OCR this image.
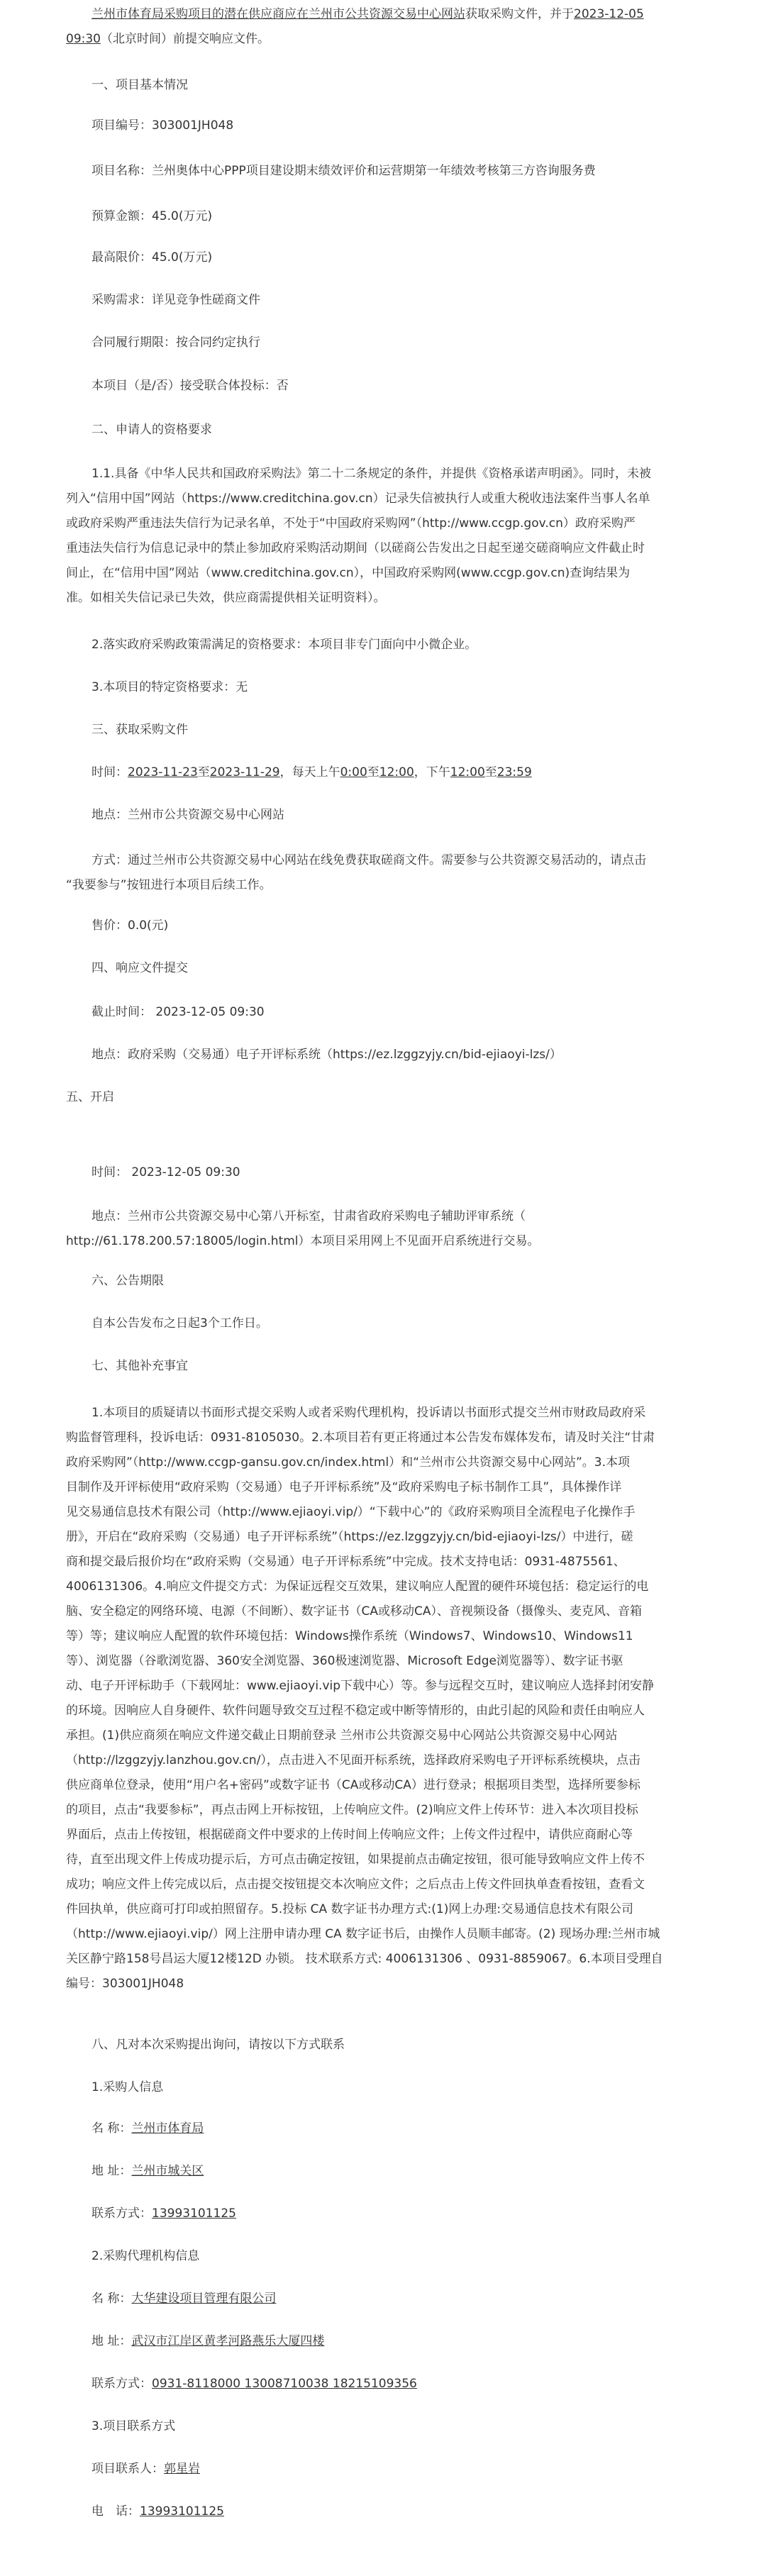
兰州市体育局采购项目的潜在供应商应在兰州市公共资源交易中心网站获取采购文件，并于2023-12-05

09:30（北京时间）前提交响应文件。

一、项目基本情况

项目编号：303001JH048

项目名称：兰州奥体中心PPP项目建设期末绩效评价和运营期第一年绩效考核第三方咨询服务费

预算金额：45.0(万元)

最高限价：45.0(万元)

采购需求：详见竞争性磋商文件

合同履行期限：按合同约定执行

本项目（是/否）接受联合体投标：否

二、申请人的资格要求

1.1.具备《中华人民共和国政府采购法》第二十二条规定的条件，并提供《资格承诺声明函》。同时，未被
列入“信用中国”网站（https://www.creditchina.gov.cn）记录失信被执行人或重大税收违法案件当事人名单
或政府采购严重违法失信行为记录名单，不处于“中国政府采购网”（http://www.ccgp.gov.cn）政府采购严
重违法失信行为信息记录中的禁止参加政府采购活动期间（以磋商公告发出之日起至递交磋商响应文件截止时
间止，在“信用中国”网站（www.creditchina.gov.cn），中国政府采购网(www.ccgp.gov.cn)查询结果为
准。如相关失信记录已失效，供应商需提供相关证明资料）。

2.落实政府采购政策需满足的资格要求：本项目非专门面向中小微企业。

3.本项目的特定资格要求：无

三、获取采购文件

时间：2023-11-23至2023-11-29，每天上午0:00至12:00，下午12:00至23:59

地点：兰州市公共资源交易中心网站

方式：通过兰州市公共资源交易中心网站在线免费获取磋商文件。需要参与公共资源交易活动的，请点击
“我要参与”按钮进行本项目后续工作。

售价：0.0(元)

四、响应文件提交

截止时间： 2023-12-05 09:30

地点：政府采购（交易通）电子开评标系统（https://ez.lzggzyjy.cn/bid-ejiaoyi-lzs/）

五、开启

时间： 2023-12-05 09:30

地点：兰州市公共资源交易中心第八开标室，甘肃省政府采购电子辅助评审系统（
http://61.178.200.57:18005/login.html）本项目采用网上不见面开启系统进行交易。

六、公告期限

自本公告发布之日起3个工作日。

七、其他补充事宜

1.本项目的质疑请以书面形式提交采购人或者采购代理机构，投诉请以书面形式提交兰州市财政局政府采
购监督管理科，投诉电话：0931-8105030。2.本项目若有更正将通过本公告发布媒体发布，请及时关注“甘肃
政府采购网”（http://www.ccgp-gansu.gov.cn/index.html）和“兰州市公共资源交易中心网站”。3.本项
目制作及开评标使用“政府采购（交易通）电子开评标系统”及“政府采购电子标书制作工具”，具体操作详
见交易通信息技术有限公司（http://www.ejiaoyi.vip/）“下载中心”的《政府采购项目全流程电子化操作手
册》，开启在“政府采购（交易通）电子开评标系统”（https://ez.lzggzyjy.cn/bid-ejiaoyi-lzs/）中进行，磋
商和提交最后报价均在“政府采购（交易通）电子开评标系统”中完成。技术支持电话：0931-4875561、
4006131306。4.响应文件提交方式：为保证远程交互效果，建议响应人配置的硬件环境包括：稳定运行的电
脑、安全稳定的网络环境、电源（不间断）、数字证书（CA或移动CA）、音视频设备（摄像头、麦克风、音箱
等）等；建议响应人配置的软件环境包括：Windows操作系统（Windows7、Windows10、Windows11
等）、浏览器（谷歌浏览器、360安全浏览器、360极速浏览器、Microsoft Edge浏览器等）、数字证书驱
动、电子开评标助手（下载网址：www.ejiaoyi.vip下载中心）等。参与远程交互时，建议响应人选择封闭安静
的环境。因响应人自身硬件、软件问题导致交互过程不稳定或中断等情形的，由此引起的风险和责任由响应人
承担。(1)供应商须在响应文件递交截止日期前登录 兰州市公共资源交易中心网站公共资源交易中心网站
（http://lzggzyjy.lanzhou.gov.cn/），点击进入不见面开标系统，选择政府采购电子开评标系统模块，点击
供应商单位登录，使用“用户名+密码”或数字证书（CA或移动CA）进行登录；根据项目类型，选择所要参标
的项目，点击“我要参标”，再点击网上开标按钮，上传响应文件。(2)响应文件上传环节：进入本次项目投标
界面后，点击上传按钮，根据磋商文件中要求的上传时间上传响应文件；上传文件过程中，请供应商耐心等
待，直至出现文件上传成功提示后，方可点击确定按钮，如果提前点击确定按钮，很可能导致响应文件上传不
成功；响应文件上传完成以后，点击提交按钮提交本次响应文件；之后点击上传文件回执单查看按钮，查看文
件回执单，供应商可打印或拍照留存。5.投标 CA 数字证书办理方式:(1)网上办理:交易通信息技术有限公司
（http://www.ejiaoyi.vip/）网上注册申请办理 CA 数字证书后，由操作人员顺丰邮寄。(2) 现场办理:兰州市城
关区静宁路158号昌运大厦12楼12D 办锁。 技术联系方式: 4006131306 、0931-8859067。6.本项目受理自
编号：303001JH048

八、凡对本次采购提出询问，请按以下方式联系

1.采购人信息

名 称：兰州市体育局

地 址：兰州市城关区

联系方式：13993101125

2.采购代理机构信息

名 称：大华建设项目管理有限公司

地 址：武汉市江岸区黄孝河路燕乐大厦四楼

联系方式：0931-8118000 13008710038 18215109356

3.项目联系方式

项目联系人：郭星岩

电　话：13993101125
